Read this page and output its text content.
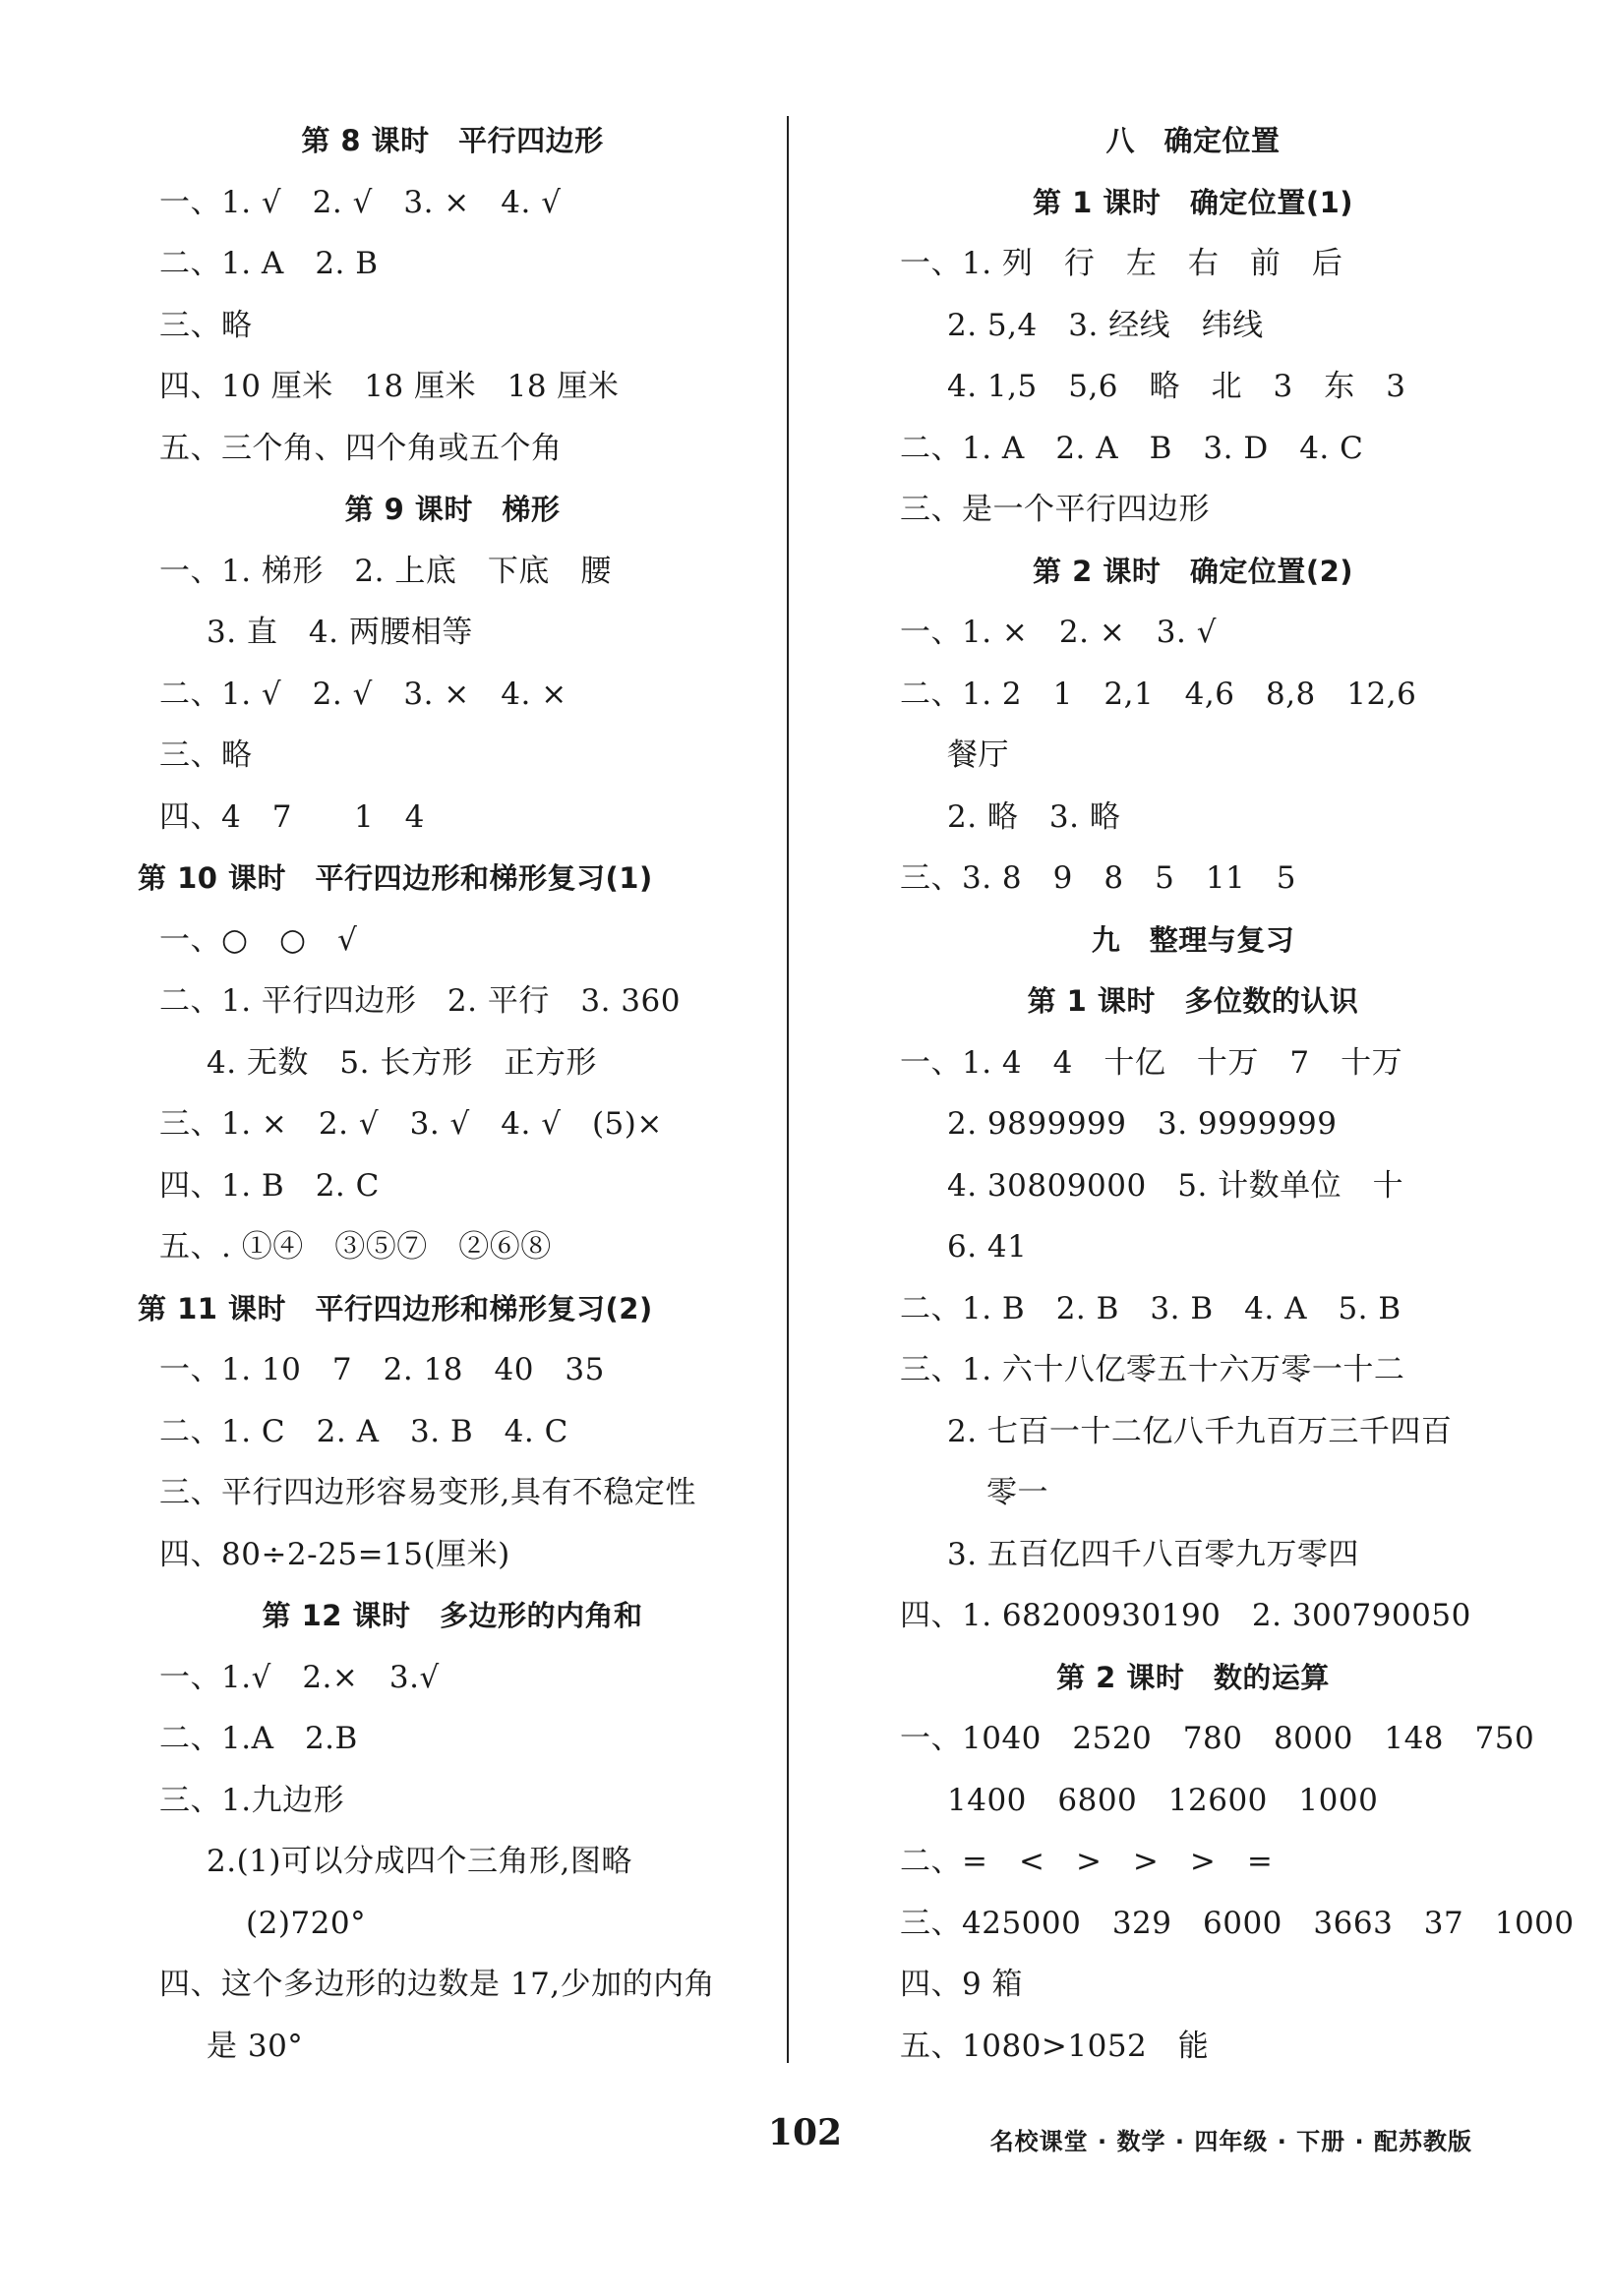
第 8 课时　平行四边形
一、1. √　2. √　3. ×　4. √
二、1. A　2. B
三、略
四、10 厘米　18 厘米　18 厘米
五、三个角、四个角或五个角
第 9 课时　梯形
一、1. 梯形　2. 上底　下底　腰
3. 直　4. 两腰相等
二、1. √　2. √　3. ×　4. ×
三、略
四、4　7　　1　4
第 10 课时　平行四边形和梯形复习(1)
一、○　○　√
二、1. 平行四边形　2. 平行　3. 360
4. 无数　5. 长方形　正方形
三、1. ×　2. √　3. √　4. √　(5)×
四、1. B　2. C
五、. ①④　③⑤⑦　②⑥⑧
第 11 课时　平行四边形和梯形复习(2)
一、1. 10　7　2. 18　40　35
二、1. C　2. A　3. B　4. C
三、平行四边形容易变形,具有不稳定性
四、80÷2-25=15(厘米)
第 12 课时　多边形的内角和
一、1.√　2.×　3.√
二、1.A　2.B
三、1.九边形
2.(1)可以分成四个三角形,图略
(2)720°
四、这个多边形的边数是 17,少加的内角
是 30°
八　确定位置
第 1 课时　确定位置(1)
一、1. 列　行　左　右　前　后
2. 5,4　3. 经线　纬线
4. 1,5　5,6　略　北　3　东　3
二、1. A　2. A　B　3. D　4. C
三、是一个平行四边形
第 2 课时　确定位置(2)
一、1. ×　2. ×　3. √
二、1. 2　1　2,1　4,6　8,8　12,6
餐厅
2. 略　3. 略
三、3. 8　9　8　5　11　5
九　整理与复习
第 1 课时　多位数的认识
一、1. 4　4　十亿　十万　7　十万
2. 9899999　3. 9999999
4. 30809000　5. 计数单位　十
6. 41
二、1. B　2. B　3. B　4. A　5. B
三、1. 六十八亿零五十六万零一十二
2. 七百一十二亿八千九百万三千四百
零一
3. 五百亿四千八百零九万零四
四、1. 68200930190　2. 300790050
第 2 课时　数的运算
一、1040　2520　780　8000　148　750
1400　6800　12600　1000
二、=　<　>　>　>　=
三、425000　329　6000　3663　37　1000
四、9 箱
五、1080>1052　能
102	名校课堂 · 数学 · 四年级 · 下册 · 配苏教版
